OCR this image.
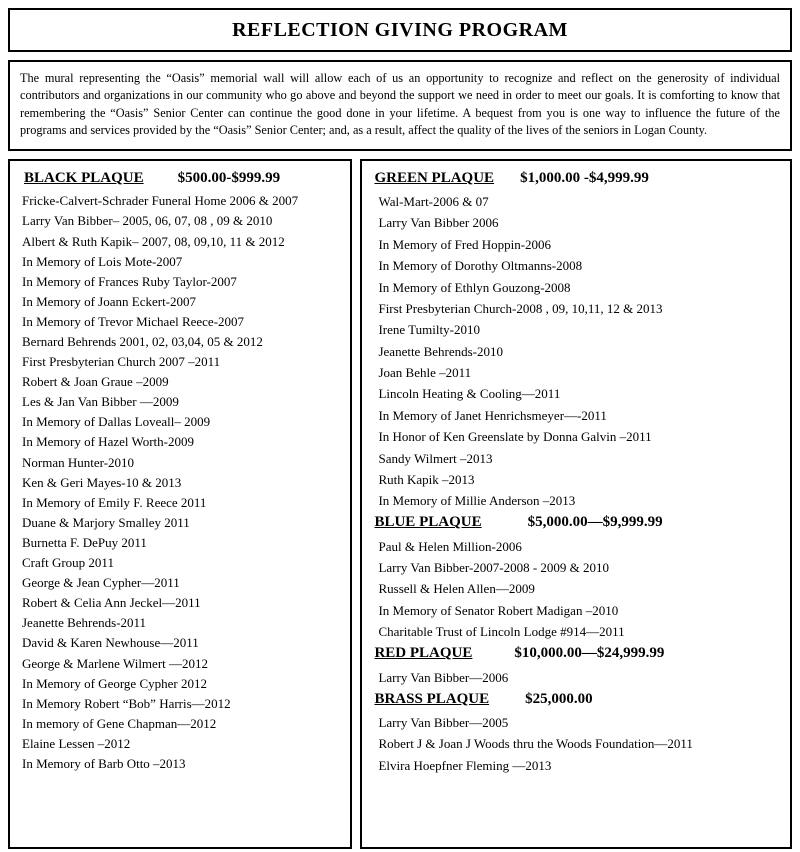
REFLECTION GIVING PROGRAM

The mural representing the “Oasis” memorial wall will allow each of us an opportunity to recognize and reflect on the generosity of individual contributors and organizations in our community who go above and beyond the support we need in order to meet our goals. It is comforting to know that remembering the “Oasis” Senior Center can continue the good done in your lifetime. A bequest from you is one way to influence the future of the programs and services provided by the “Oasis” Senior Center; and, as a result, affect the quality of the lives of the seniors in Logan County.

BLACK PLAQUE $500.00-$999.99
Fricke-Calvert-Schrader Funeral Home 2006 & 2007
Larry Van Bibber– 2005, 06, 07, 08 , 09 & 2010
Albert & Ruth Kapik– 2007, 08, 09,10, 11 & 2012
In Memory of Lois Mote-2007
In Memory of Frances Ruby Taylor-2007
In Memory of Joann Eckert-2007
In Memory of Trevor Michael Reece-2007
Bernard Behrends 2001, 02, 03,04, 05 & 2012
First Presbyterian Church 2007 –2011
Robert & Joan Graue –2009
Les & Jan Van Bibber —2009
In Memory of Dallas Loveall– 2009
In Memory of Hazel Worth-2009
Norman Hunter-2010
Ken & Geri Mayes-10 & 2013
In Memory of Emily F. Reece 2011
Duane & Marjory Smalley 2011
Burnetta F. DePuy 2011
Craft Group 2011
George & Jean Cypher—2011
Robert & Celia Ann Jeckel—2011
Jeanette Behrends-2011
David & Karen Newhouse—2011
George & Marlene Wilmert —2012
In Memory of George Cypher 2012
In Memory Robert “Bob” Harris—2012
In memory of Gene Chapman—2012
Elaine Lessen –2012
In Memory of Barb Otto –2013
GREEN PLAQUE $1,000.00 -$4,999.99
Wal-Mart-2006 & 07
Larry Van Bibber 2006
In Memory of Fred Hoppin-2006
In Memory of Dorothy Oltmanns-2008
In Memory of Ethlyn Gouzong-2008
First Presbyterian Church-2008 , 09, 10,11, 12 & 2013
Irene Tumilty-2010
Jeanette Behrends-2010
Joan Behle –2011
Lincoln Heating & Cooling—2011
In Memory of Janet Henrichsmeyer—-2011
In Honor of Ken Greenslate by Donna Galvin –2011
Sandy Wilmert –2013
Ruth Kapik –2013
In Memory of Millie Anderson –2013
BLUE PLAQUE	$5,000.00—$9,999.99
Paul & Helen Million-2006
Larry Van Bibber-2007-2008 - 2009 & 2010
Russell & Helen Allen—2009
In Memory of Senator Robert Madigan –2010
Charitable Trust of Lincoln Lodge #914—2011
RED PLAQUE	$10,000.00—$24,999.99
Larry Van Bibber—2006
BRASS PLAQUE $25,000.00
Larry Van Bibber—2005
Robert J & Joan J Woods thru the Woods Foundation—2011
Elvira Hoepfner Fleming —2013
